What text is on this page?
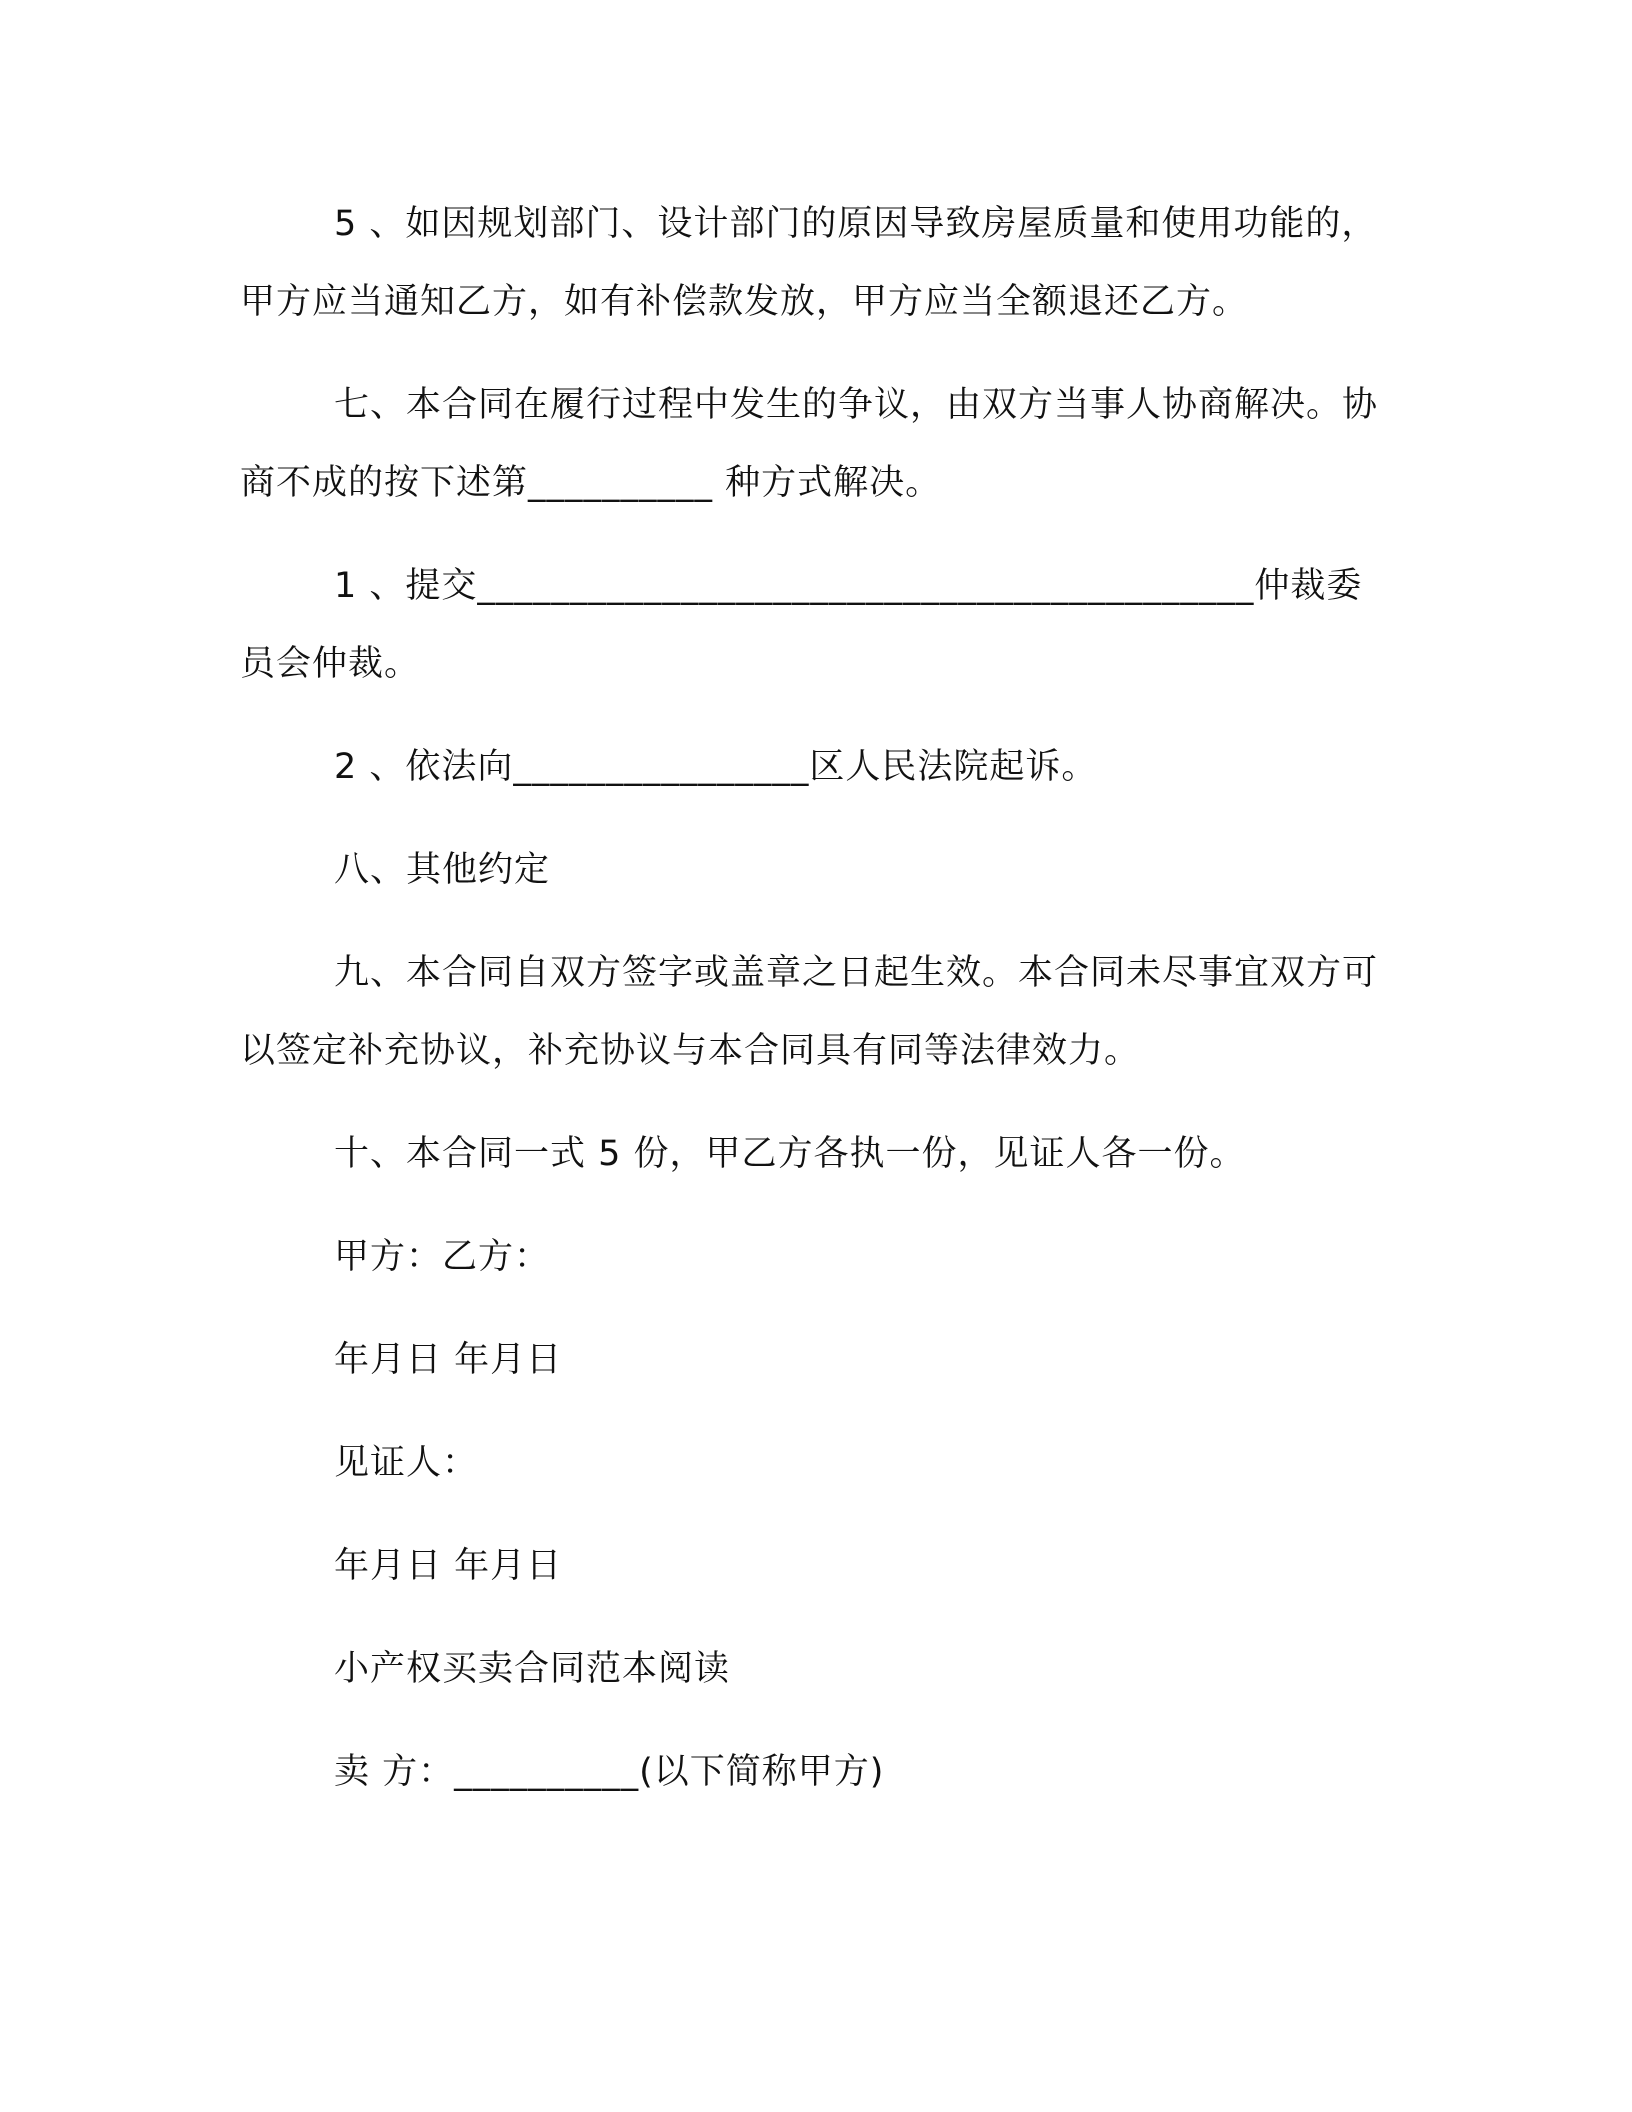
5 、如因规划部门、设计部门的原因导致房屋质量和使用功能的，甲方应当通知乙方，如有补偿款发放，甲方应当全额退还乙方。

七、本合同在履行过程中发生的争议，由双方当事人协商解决。协商不成的按下述第__________ 种方式解决。

1 、提交__________________________________________仲裁委员会仲裁。

2 、依法向________________区人民法院起诉。

八、其他约定

九、本合同自双方签字或盖章之日起生效。本合同未尽事宜双方可以签定补充协议，补充协议与本合同具有同等法律效力。

十、本合同一式 5 份，甲乙方各执一份，见证人各一份。

甲方：乙方：

年月日 年月日

见证人：

年月日 年月日

小产权买卖合同范本阅读

卖 方：__________(以下简称甲方)
